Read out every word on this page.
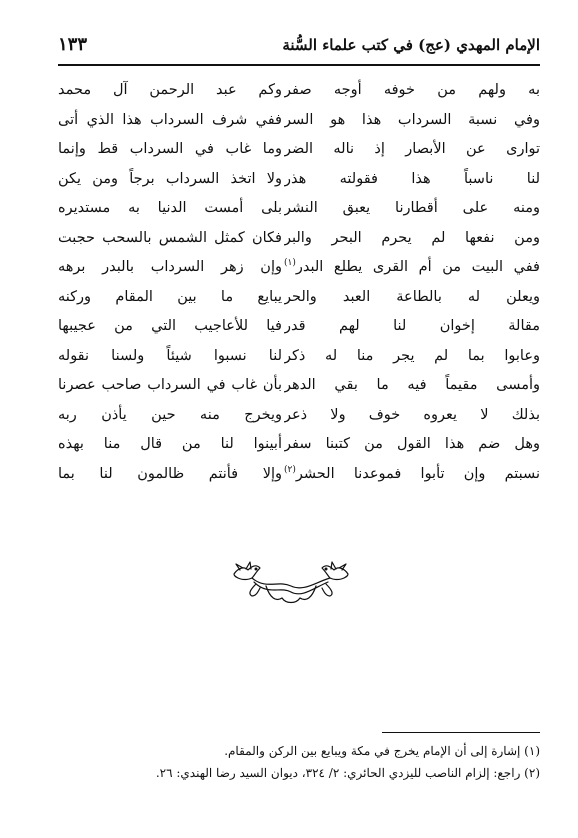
الإمام المهدي (عج) في كتب علماء السُّنة
١٣٣
به ولهم من خوفه أوجه صفر
وفي نسبة السرداب هذا هو السر
توارى عن الأبصار إذ ناله الضر
لنا ناسباً هذا فقولته هذر
ومنه على أقطارنا يعبق النشر
ومن نفعها لم يحرم البحر والبر
ففي البيت من أم القرى يطلع البدر$^{(١)}$
ويعلن له بالطاعة العبد والحر
مقالة إخوان لنا لهم قدر
وعابوا بما لم يجر منا له ذكر
وأمسى مقيماً فيه ما بقي الدهر
بذلك لا يعروه خوف ولا ذعر
وهل ضم هذا القول من كتبنا سفر
نسبتم وإن تأبوا فموعدنا الحشر$^{(٢)}$
وكم عبد الرحمن آل محمد
ففي شرف السرداب هذا الذي أتى
وما غاب في السرداب قط وإنما
ولا اتخذ السرداب برجاً ومن يكن
بلى أمست الدنيا به مستديره
فكان كمثل الشمس بالسحب حجبت
وإن زهر السرداب بالبدر برهه
يبايع ما بين المقام وركنه
فيا للأعاجيب التي من عجيبها
لنا نسبوا شيئاً ولسنا نقوله
بأن غاب في السرداب صاحب عصرنا
ويخرج منه حين يأذن ربه
أبينوا لنا من قال منا بهذه
وإلا فأنتم ظالمون لنا بما
(١) إشارة إلى أن الإمام يخرج في مكة ويبايع بين الركن والمقام.
(٢) راجع: إلزام الناصب لليزدي الحائري: ٢/ ٣٢٤، ديوان السيد رضا الهندي: ٢٦.
